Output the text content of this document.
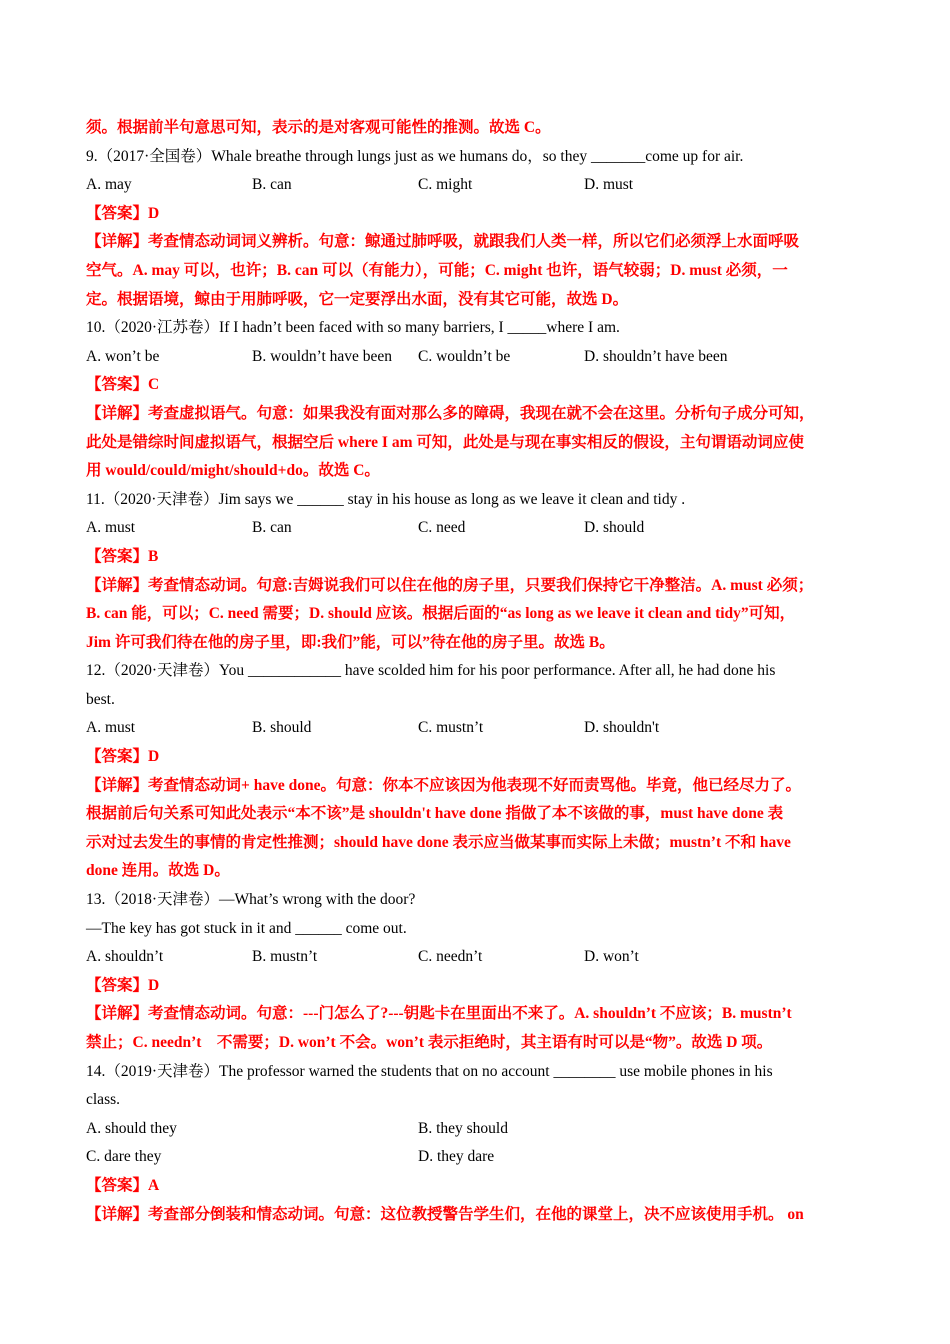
须。根据前半句意思可知，表示的是对客观可能性的推测。故选 C。
9.（2017·全国卷）Whale breathe through lungs just as we humans do，so they _______come up for air.
A. may	B. can	C. might	D. must
【答案】D
【详解】考查情态动词词义辨析。句意：鲸通过肺呼吸，就跟我们人类一样，所以它们必须浮上水面呼吸
空气。A. may 可以，也许；B. can 可以（有能力），可能；C. might 也许，语气较弱；D. must 必须，一
定。根据语境，鲸由于用肺呼吸，它一定要浮出水面，没有其它可能，故选 D。
10.（2020·江苏卷）If I hadn’t been faced with so many barriers, I _____where I am.
A. won’t be	B. wouldn’t have been	C. wouldn’t be	D. shouldn’t have been
【答案】C
【详解】考查虚拟语气。句意：如果我没有面对那么多的障碍，我现在就不会在这里。分析句子成分可知，
此处是错综时间虚拟语气，根据空后 where I am 可知，此处是与现在事实相反的假设，主句谓语动词应使
用 would/could/might/should+do。故选 C。
11.（2020·天津卷）Jim says we ______ stay in his house as long as we leave it clean and tidy .
A. must	B. can	C. need	D. should
【答案】B
【详解】考查情态动词。句意:吉姆说我们可以住在他的房子里，只要我们保持它干净整洁。A. must 必须；
B. can 能，可以；C. need 需要；D. should 应该。根据后面的“as long as we leave it clean and tidy”可知，
Jim 许可我们待在他的房子里，即:我们”能，可以”待在他的房子里。故选 B。
12.（2020·天津卷）You ____________ have scolded him for his poor performance. After all, he had done his
best.
A. must	B. should	C. mustn’t	D. shouldn't
【答案】D
【详解】考查情态动词+ have done。句意：你本不应该因为他表现不好而责骂他。毕竟，他已经尽力了。
根据前后句关系可知此处表示“本不该”是 shouldn't have done 指做了本不该做的事，must have done 表
示对过去发生的事情的肯定性推测；should have done 表示应当做某事而实际上未做；mustn’t 不和 have
done 连用。故选 D。
13.（2018·天津卷）—What’s wrong with the door?
—The key has got stuck in it and ______ come out.
A. shouldn’t	B. mustn’t	C. needn’t	D. won’t
【答案】D
【详解】考查情态动词。句意：---门怎么了?---钥匙卡在里面出不来了。A. shouldn’t 不应该；B. mustn’t
禁止；C. needn’t　不需要；D. won’t 不会。won’t 表示拒绝时，其主语有时可以是“物”。故选 D 项。
14.（2019·天津卷）The professor warned the students that on no account ________ use mobile phones in his
class.
A. should they	B. they should
C. dare they	D. they dare
【答案】A
【详解】考查部分倒装和情态动词。句意：这位教授警告学生们，在他的课堂上，决不应该使用手机。 on
